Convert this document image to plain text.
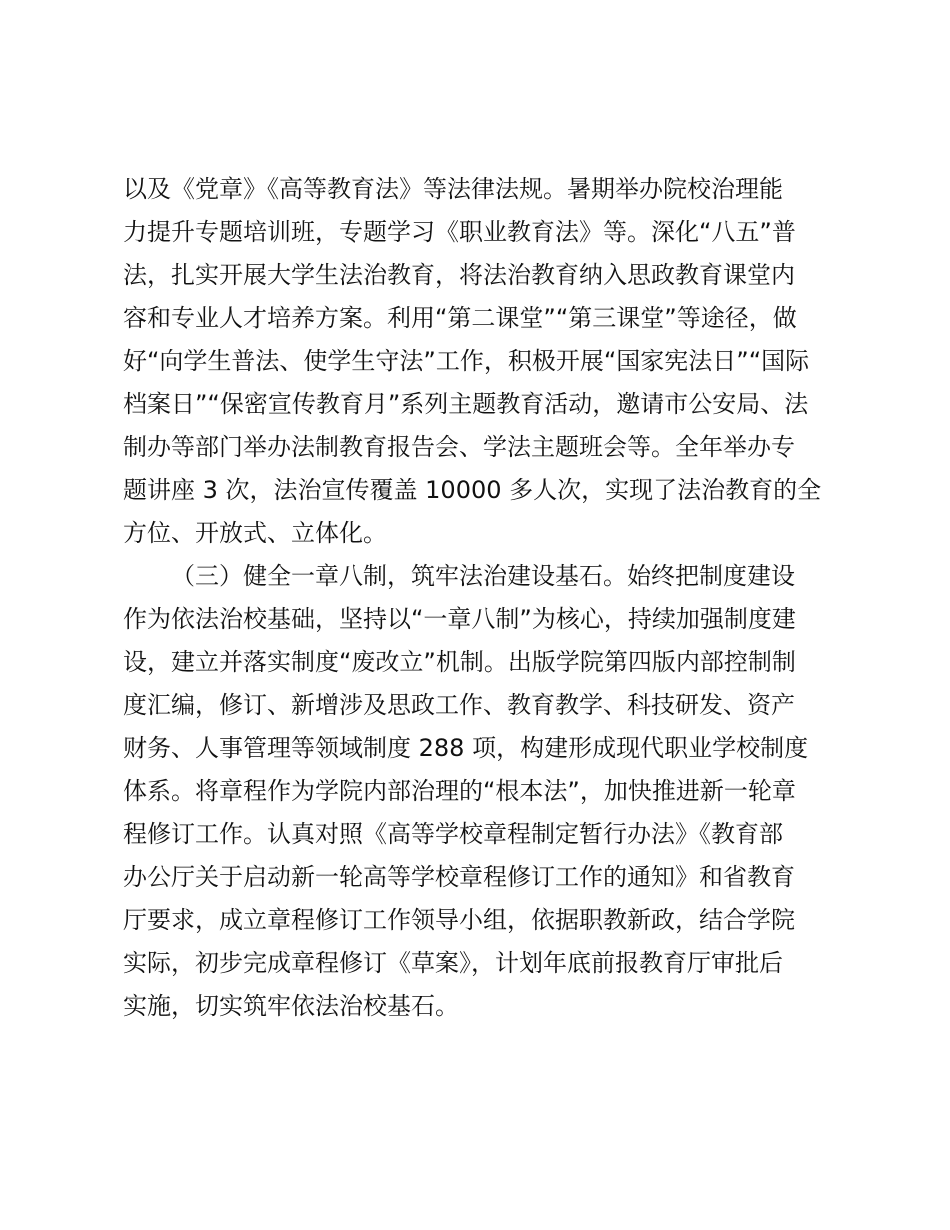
以及《党章》《高等教育法》等法律法规。暑期举办院校治理能
力提升专题培训班，专题学习《职业教育法》等。深化“八五”普
法，扎实开展大学生法治教育，将法治教育纳入思政教育课堂内
容和专业人才培养方案。利用“第二课堂”“第三课堂”等途径，做
好“向学生普法、使学生守法”工作，积极开展“国家宪法日”“国际
档案日”“保密宣传教育月”系列主题教育活动，邀请市公安局、法
制办等部门举办法制教育报告会、学法主题班会等。全年举办专
题讲座 3 次，法治宣传覆盖 10000 多人次，实现了法治教育的全
方位、开放式、立体化。
（三）健全一章八制，筑牢法治建设基石。始终把制度建设
作为依法治校基础，坚持以“一章八制”为核心，持续加强制度建
设，建立并落实制度“废改立”机制。出版学院第四版内部控制制
度汇编，修订、新增涉及思政工作、教育教学、科技研发、资产
财务、人事管理等领域制度 288 项，构建形成现代职业学校制度
体系。将章程作为学院内部治理的“根本法”，加快推进新一轮章
程修订工作。认真对照《高等学校章程制定暂行办法》《教育部
办公厅关于启动新一轮高等学校章程修订工作的通知》和省教育
厅要求，成立章程修订工作领导小组，依据职教新政，结合学院
实际，初步完成章程修订《草案》，计划年底前报教育厅审批后
实施，切实筑牢依法治校基石。
